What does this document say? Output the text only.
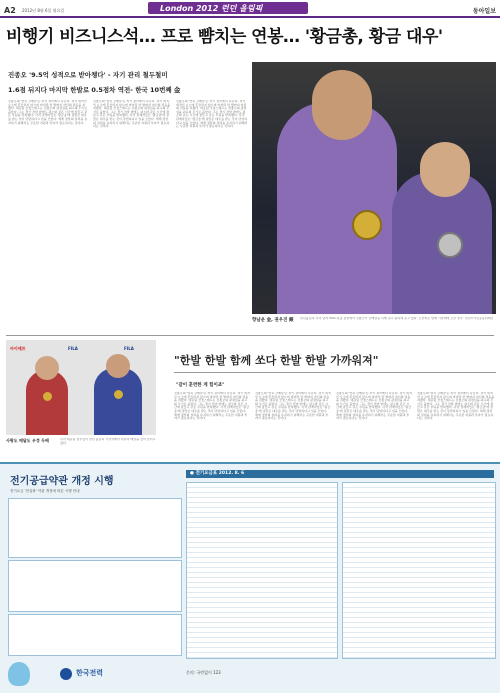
A2 2012년 8월 6일 월요일	London 2012 런던 올림픽	동아일보
비행기 비즈니스석… 프로 뺨치는 연봉… '황금총, 황금 대우'
진종오 '9.5억 성적으로 받아챙다' - 자기 관리 철두철미
1.6점 뒤지다 마지막 한발로 0.5점차 역전- 한국 10번째 金
진종오의 '연속 금메달'은 자기 관리에서 나온다. 경기 외적인 요소에 흔들리지 않으며 마지막 한 발까지 자신의 리듬을 지켰다. 대표팀 코칭스태프는 진종오의 평정심을 최고의 무기로 꼽았다. 그는 경기 전날 밤에도 평소와 같은 시간에 잠들고 같은 루틴을 반복했다. 사격 관계자들은 '황금총'에 걸맞은 대우를 받는 것이 당연하다고 입을 모았다. 세계 정상의 실력을 유지하기 위해서는 꾸준한 지원과 투자가 필요하다는 것이다.
진종오의 '연속 금메달'은 자기 관리에서 나온다. 경기 외적인 요소에 흔들리지 않으며 마지막 한 발까지 자신의 리듬을 지켰다. 대표팀 코칭스태프는 진종오의 평정심을 최고의 무기로 꼽았다. 그는 경기 전날 밤에도 평소와 같은 시간에 잠들고 같은 루틴을 반복했다. 사격 관계자들은 '황금총'에 걸맞은 대우를 받는 것이 당연하다고 입을 모았다. 세계 정상의 실력을 유지하기 위해서는 꾸준한 지원과 투자가 필요하다는 것이다.
진종오의 '연속 금메달'은 자기 관리에서 나온다. 경기 외적인 요소에 흔들리지 않으며 마지막 한 발까지 자신의 리듬을 지켰다. 대표팀 코칭스태프는 진종오의 평정심을 최고의 무기로 꼽았다. 그는 경기 전날 밤에도 평소와 같은 시간에 잠들고 같은 루틴을 반복했다. 사격 관계자들은 '황금총'에 걸맞은 대우를 받는 것이 당연하다고 입을 모았다. 세계 정상의 실력을 유지하기 위해서는 꾸준한 지원과 투자가 필요하다는 것이다.
향남운 金, 권우진 銀 런던올림픽 사격 남자 50m 권총 결선에서 진종오가 금메달을 목에 걸고 환하게 웃고 있다. 오른쪽은 함께 시상대에 오른 선수. 런던=사진공동취재단
아이에프	FILA	FILA
사랑도 메달도 우정 두배	사격 대표팀 선수들이 런던 올림픽 시상식에서 나란히 메달을 들어 보이고 있다.
"한발 한발 함께 쏘다 한발 한발 가까워져"
"같이 훈련한 게 힘이죠"
진종오의 '연속 금메달'은 자기 관리에서 나온다. 경기 외적인 요소에 흔들리지 않으며 마지막 한 발까지 자신의 리듬을 지켰다. 대표팀 코칭스태프는 진종오의 평정심을 최고의 무기로 꼽았다. 그는 경기 전날 밤에도 평소와 같은 시간에 잠들고 같은 루틴을 반복했다. 사격 관계자들은 '황금총'에 걸맞은 대우를 받는 것이 당연하다고 입을 모았다. 세계 정상의 실력을 유지하기 위해서는 꾸준한 지원과 투자가 필요하다는 것이다.
진종오의 '연속 금메달'은 자기 관리에서 나온다. 경기 외적인 요소에 흔들리지 않으며 마지막 한 발까지 자신의 리듬을 지켰다. 대표팀 코칭스태프는 진종오의 평정심을 최고의 무기로 꼽았다. 그는 경기 전날 밤에도 평소와 같은 시간에 잠들고 같은 루틴을 반복했다. 사격 관계자들은 '황금총'에 걸맞은 대우를 받는 것이 당연하다고 입을 모았다. 세계 정상의 실력을 유지하기 위해서는 꾸준한 지원과 투자가 필요하다는 것이다.
진종오의 '연속 금메달'은 자기 관리에서 나온다. 경기 외적인 요소에 흔들리지 않으며 마지막 한 발까지 자신의 리듬을 지켰다. 대표팀 코칭스태프는 진종오의 평정심을 최고의 무기로 꼽았다. 그는 경기 전날 밤에도 평소와 같은 시간에 잠들고 같은 루틴을 반복했다. 사격 관계자들은 '황금총'에 걸맞은 대우를 받는 것이 당연하다고 입을 모았다. 세계 정상의 실력을 유지하기 위해서는 꾸준한 지원과 투자가 필요하다는 것이다.
진종오의 '연속 금메달'은 자기 관리에서 나온다. 경기 외적인 요소에 흔들리지 않으며 마지막 한 발까지 자신의 리듬을 지켰다. 대표팀 코칭스태프는 진종오의 평정심을 최고의 무기로 꼽았다. 그는 경기 전날 밤에도 평소와 같은 시간에 잠들고 같은 루틴을 반복했다. 사격 관계자들은 '황금총'에 걸맞은 대우를 받는 것이 당연하다고 입을 모았다. 세계 정상의 실력을 유지하기 위해서는 꾸준한 지원과 투자가 필요하다는 것이다.
전기공급약관 개정 시행
전기요금 '현실화' 약관 개정에 따른 시행 안내
● 전기요금표 2012. 8. 6
한국전력	문의: 국번없이 123
